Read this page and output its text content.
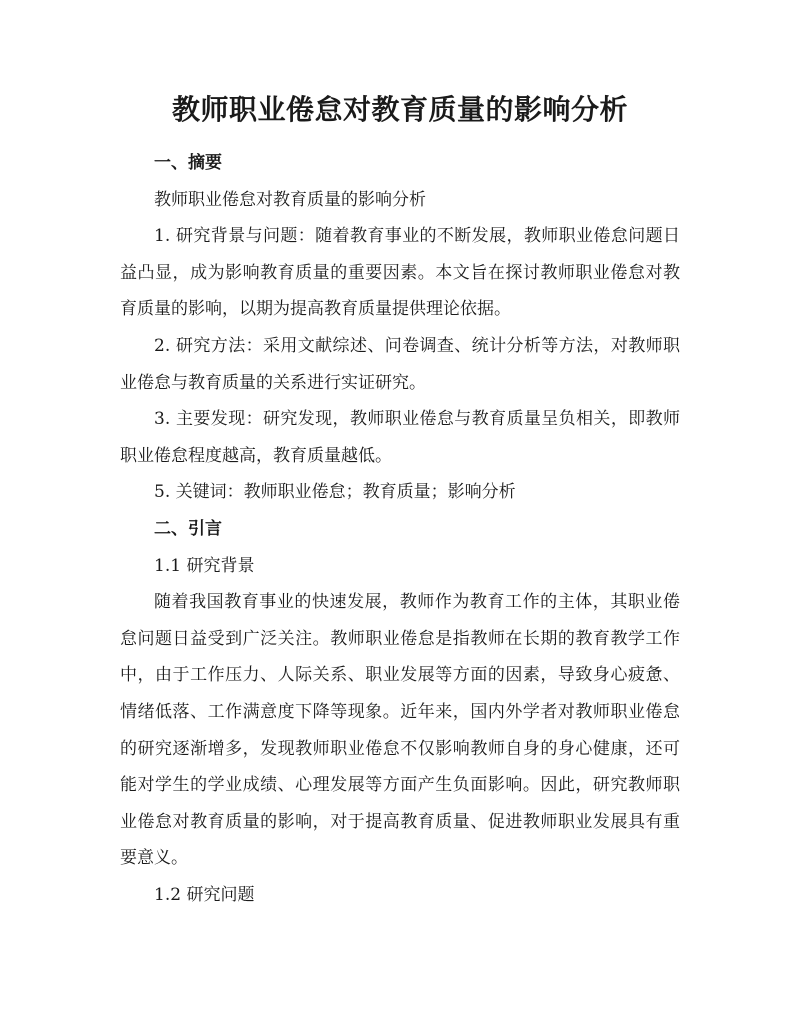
教师职业倦怠对教育质量的影响分析

一、摘要

教师职业倦怠对教育质量的影响分析

1. 研究背景与问题：随着教育事业的不断发展，教师职业倦怠问题日益凸显，成为影响教育质量的重要因素。本文旨在探讨教师职业倦怠对教育质量的影响，以期为提高教育质量提供理论依据。

2. 研究方法：采用文献综述、问卷调查、统计分析等方法，对教师职业倦怠与教育质量的关系进行实证研究。

3. 主要发现：研究发现，教师职业倦怠与教育质量呈负相关，即教师职业倦怠程度越高，教育质量越低。

5. 关键词：教师职业倦怠；教育质量；影响分析

二、引言

1.1 研究背景

随着我国教育事业的快速发展，教师作为教育工作的主体，其职业倦怠问题日益受到广泛关注。教师职业倦怠是指教师在长期的教育教学工作中，由于工作压力、人际关系、职业发展等方面的因素，导致身心疲惫、情绪低落、工作满意度下降等现象。近年来，国内外学者对教师职业倦怠的研究逐渐增多，发现教师职业倦怠不仅影响教师自身的身心健康，还可能对学生的学业成绩、心理发展等方面产生负面影响。因此，研究教师职业倦怠对教育质量的影响，对于提高教育质量、促进教师职业发展具有重要意义。

1.2 研究问题
